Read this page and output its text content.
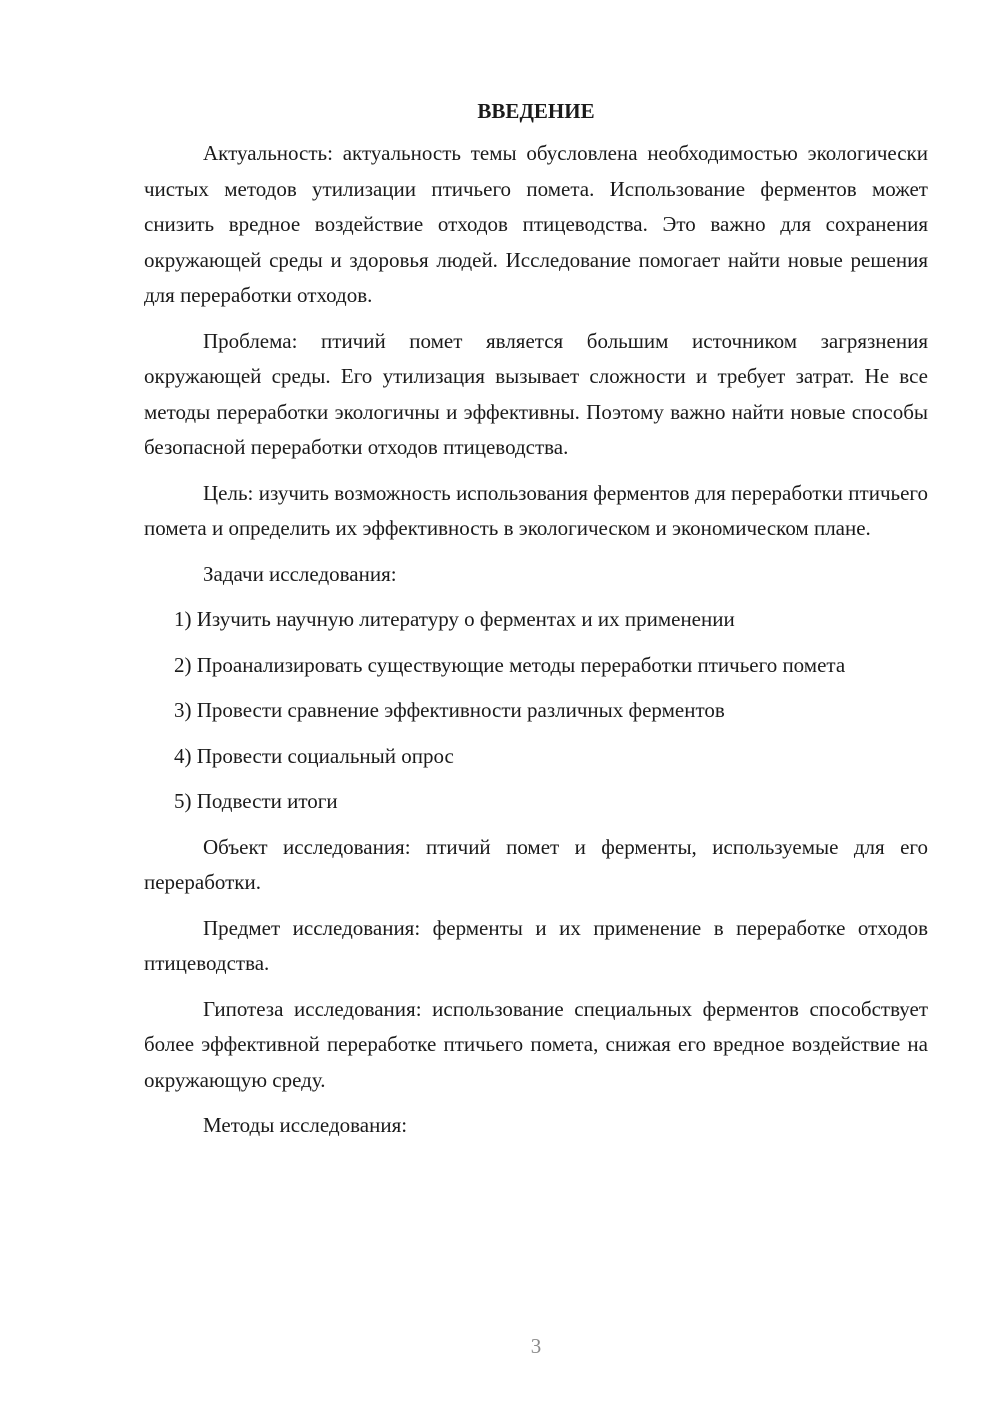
ВВЕДЕНИЕ

Актуальность: актуальность темы обусловлена необходимостью экологически чистых методов утилизации птичьего помета. Использование ферментов может снизить вредное воздействие отходов птицеводства. Это важно для сохранения окружающей среды и здоровья людей. Исследование помогает найти новые решения для переработки отходов.

Проблема: птичий помет является большим источником загрязнения окружающей среды. Его утилизация вызывает сложности и требует затрат. Не все методы переработки экологичны и эффективны. Поэтому важно найти новые способы безопасной переработки отходов птицеводства.

Цель: изучить возможность использования ферментов для переработки птичьего помета и определить их эффективность в экологическом и экономическом плане.

Задачи исследования:

1) Изучить научную литературу о ферментах и их применении

2) Проанализировать существующие методы переработки птичьего помета

3) Провести сравнение эффективности различных ферментов

4) Провести социальный опрос

5) Подвести итоги

Объект исследования: птичий помет и ферменты, используемые для его переработки.

Предмет исследования: ферменты и их применение в переработке отходов птицеводства.

Гипотеза исследования: использование специальных ферментов способствует более эффективной переработке птичьего помета, снижая его вредное воздействие на окружающую среду.

Методы исследования:

3
